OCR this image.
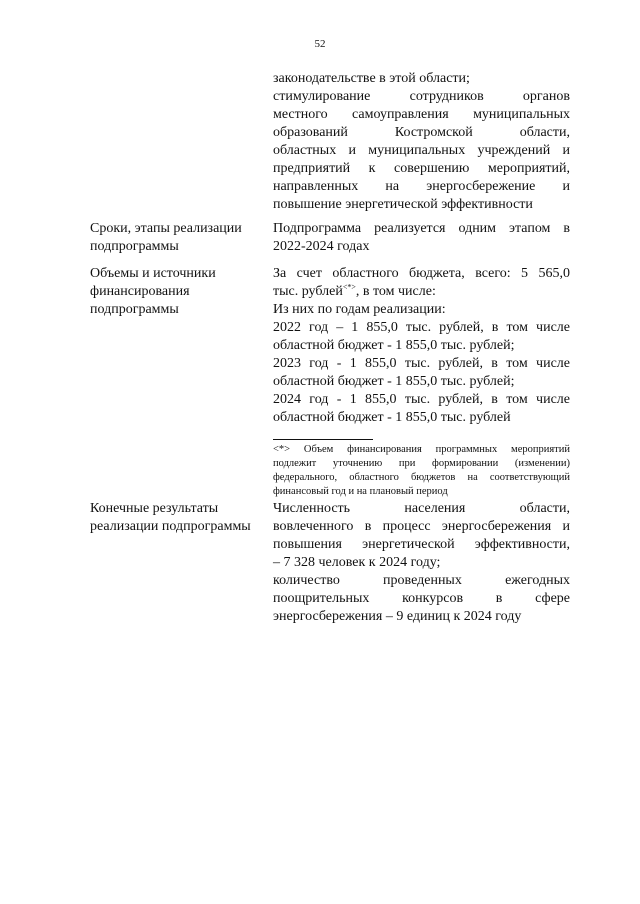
52
законодательстве в этой области;
стимулирование сотрудников органов
местного самоуправления муниципальных
образований Костромской области,
областных и муниципальных учреждений и
предприятий к совершению мероприятий,
направленных на энергосбережение и
повышение энергетической эффективности
Сроки, этапы реализации
подпрограммы
Подпрограмма реализуется одним этапом в
2022-2024 годах
Объемы и источники
финансирования
подпрограммы
За счет областного бюджета, всего: 5 565,0
тыс. рублей<*>, в том числе:
Из них по годам реализации:
2022 год – 1 855,0 тыс. рублей, в том числе
областной бюджет - 1 855,0 тыс. рублей;
2023 год - 1 855,0 тыс. рублей, в том числе
областной бюджет - 1 855,0 тыс. рублей;
2024 год - 1 855,0 тыс. рублей, в том числе
областной бюджет - 1 855,0 тыс. рублей
<*> Объем финансирования программных мероприятий
подлежит уточнению при формировании (изменении)
федерального, областного бюджетов на соответствующий
финансовый год и на плановый период
Конечные результаты
реализации подпрограммы
Численность населения области,
вовлеченного в процесс энергосбережения и
повышения энергетической эффективности,
– 7 328 человек к 2024 году;
количество проведенных ежегодных
поощрительных конкурсов в сфере
энергосбережения – 9 единиц к 2024 году
